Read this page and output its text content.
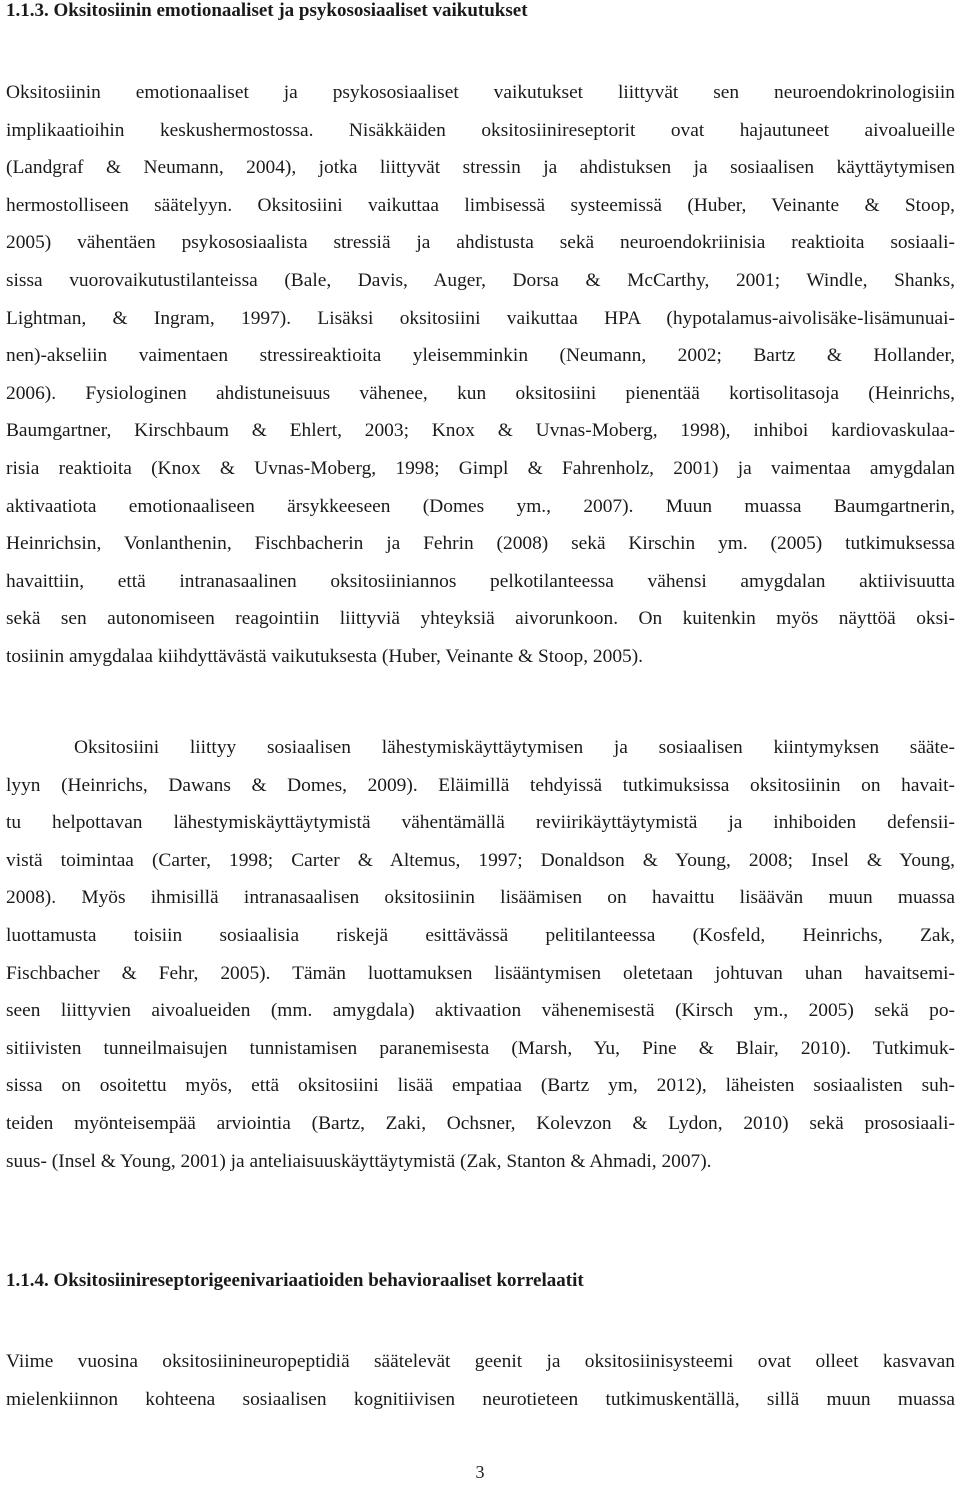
1.1.3. Oksitosiinin emotionaaliset ja psykososiaaliset vaikutukset

Oksitosiinin emotionaaliset ja psykososiaaliset vaikutukset liittyvät sen neuroendokrinologisiin
implikaatioihin keskushermostossa. Nisäkkäiden oksitosiinireseptorit ovat hajautuneet aivoalueille
(Landgraf & Neumann, 2004), jotka liittyvät stressin ja ahdistuksen ja sosiaalisen käyttäytymisen
hermostolliseen säätelyyn. Oksitosiini vaikuttaa limbisessä systeemissä (Huber, Veinante & Stoop,
2005) vähentäen psykososiaalista stressiä ja ahdistusta sekä neuroendokriinisia reaktioita sosiaali-
sissa vuorovaikutustilanteissa (Bale, Davis, Auger, Dorsa & McCarthy, 2001; Windle, Shanks,
Lightman, & Ingram, 1997). Lisäksi oksitosiini vaikuttaa HPA (hypotalamus-aivolisäke-lisämunuai-
nen)-akseliin vaimentaen stressireaktioita yleisemminkin (Neumann, 2002; Bartz & Hollander,
2006). Fysiologinen ahdistuneisuus vähenee, kun oksitosiini pienentää kortisolitasoja (Heinrichs,
Baumgartner, Kirschbaum & Ehlert, 2003; Knox & Uvnas-Moberg, 1998), inhiboi kardiovaskulaa-
risia reaktioita (Knox & Uvnas-Moberg, 1998; Gimpl & Fahrenholz, 2001) ja vaimentaa amygdalan
aktivaatiota emotionaaliseen ärsykkeeseen (Domes ym., 2007). Muun muassa Baumgartnerin,
Heinrichsin, Vonlanthenin, Fischbacherin ja Fehrin (2008) sekä Kirschin ym. (2005) tutkimuksessa
havaittiin, että intranasaalinen oksitosiiniannos pelkotilanteessa vähensi amygdalan aktiivisuutta
sekä sen autonomiseen reagointiin liittyviä yhteyksiä aivorunkoon. On kuitenkin myös näyttöä oksi-
tosiinin amygdalaa kiihdyttävästä vaikutuksesta (Huber, Veinante & Stoop, 2005).

Oksitosiini liittyy sosiaalisen lähestymiskäyttäytymisen ja sosiaalisen kiintymyksen sääte-
lyyn (Heinrichs, Dawans & Domes, 2009). Eläimillä tehdyissä tutkimuksissa oksitosiinin on havait-
tu helpottavan lähestymiskäyttäytymistä vähentämällä reviirikäyttäytymistä ja inhiboiden defensii-
vistä toimintaa (Carter, 1998; Carter & Altemus, 1997; Donaldson & Young, 2008; Insel & Young,
2008). Myös ihmisillä intranasaalisen oksitosiinin lisäämisen on havaittu lisäävän muun muassa
luottamusta toisiin sosiaalisia riskejä esittävässä pelitilanteessa (Kosfeld, Heinrichs, Zak,
Fischbacher & Fehr, 2005). Tämän luottamuksen lisääntymisen oletetaan johtuvan uhan havaitsemi-
seen liittyvien aivoalueiden (mm. amygdala) aktivaation vähenemisestä (Kirsch ym., 2005) sekä po-
sitiivisten tunneilmaisujen tunnistamisen paranemisesta (Marsh, Yu, Pine & Blair, 2010). Tutkimuk-
sissa on osoitettu myös, että oksitosiini lisää empatiaa (Bartz ym, 2012), läheisten sosiaalisten suh-
teiden myönteisempää arviointia (Bartz, Zaki, Ochsner, Kolevzon & Lydon, 2010) sekä prososiaali-
suus- (Insel & Young, 2001) ja anteliaisuuskäyttäytymistä (Zak, Stanton & Ahmadi, 2007).

1.1.4. Oksitosiinireseptorigeenivariaatioiden behavioraaliset korrelaatit

Viime vuosina oksitosiinineuropeptidiä säätelevät geenit ja oksitosiinisysteemi ovat olleet kasvavan
mielenkiinnon kohteena sosiaalisen kognitiivisen neurotieteen tutkimuskentällä, sillä muun muassa

3
